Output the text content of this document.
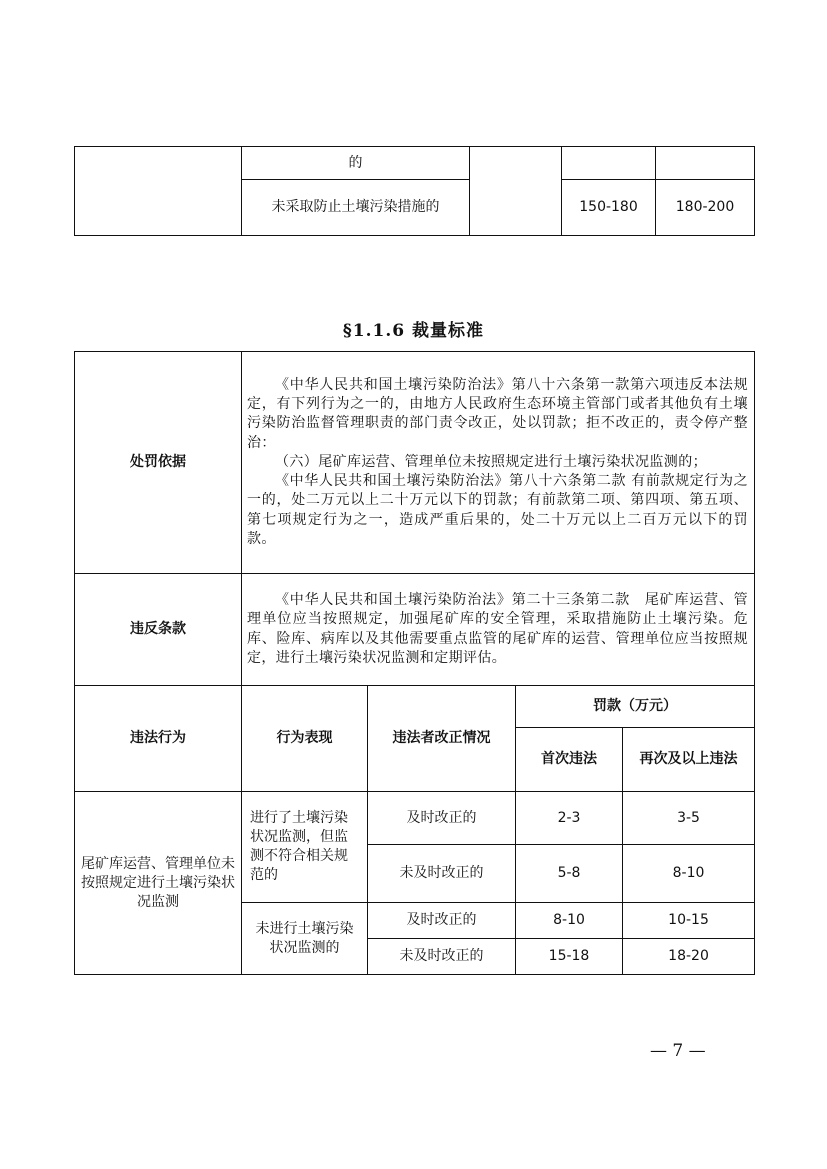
	的			
	未采取防止土壤污染措施的		150-180	180-200
§1.1.6 裁量标准
处罚依据	《中华人民共和国土壤污染防治法》第八十六条第一款第六项违反本法规定，有下列行为之一的，由地方人民政府生态环境主管部门或者其他负有土壤污染防治监督管理职责的部门责令改正，处以罚款；拒不改正的，责令停产整治：

（六）尾矿库运营、管理单位未按照规定进行土壤污染状况监测的；

《中华人民共和国土壤污染防治法》第八十六条第二款 有前款规定行为之一的，处二万元以上二十万元以下的罚款；有前款第二项、第四项、第五项、第七项规定行为之一，造成严重后果的，处二十万元以上二百万元以下的罚款。			

违反条款	《中华人民共和国土壤污染防治法》第二十三条第二款　尾矿库运营、管理单位应当按照规定，加强尾矿库的安全管理，采取措施防止土壤污染。危库、险库、病库以及其他需要重点监管的尾矿库的运营、管理单位应当按照规定，进行土壤污染状况监测和定期评估。			

违法行为	行为表现	违法者改正情况	罚款（万元）	
			首次违法	再次及以上违法
尾矿库运营、管理单位未按照规定进行土壤污染状况监测	进行了土壤污染状况监测，但监测不符合相关规范的	及时改正的	2-3	3-5
		未及时改正的	5-8	8-10
	未进行土壤污染状况监测的	及时改正的	8-10	10-15
		未及时改正的	15-18	18-20
— 7 —
